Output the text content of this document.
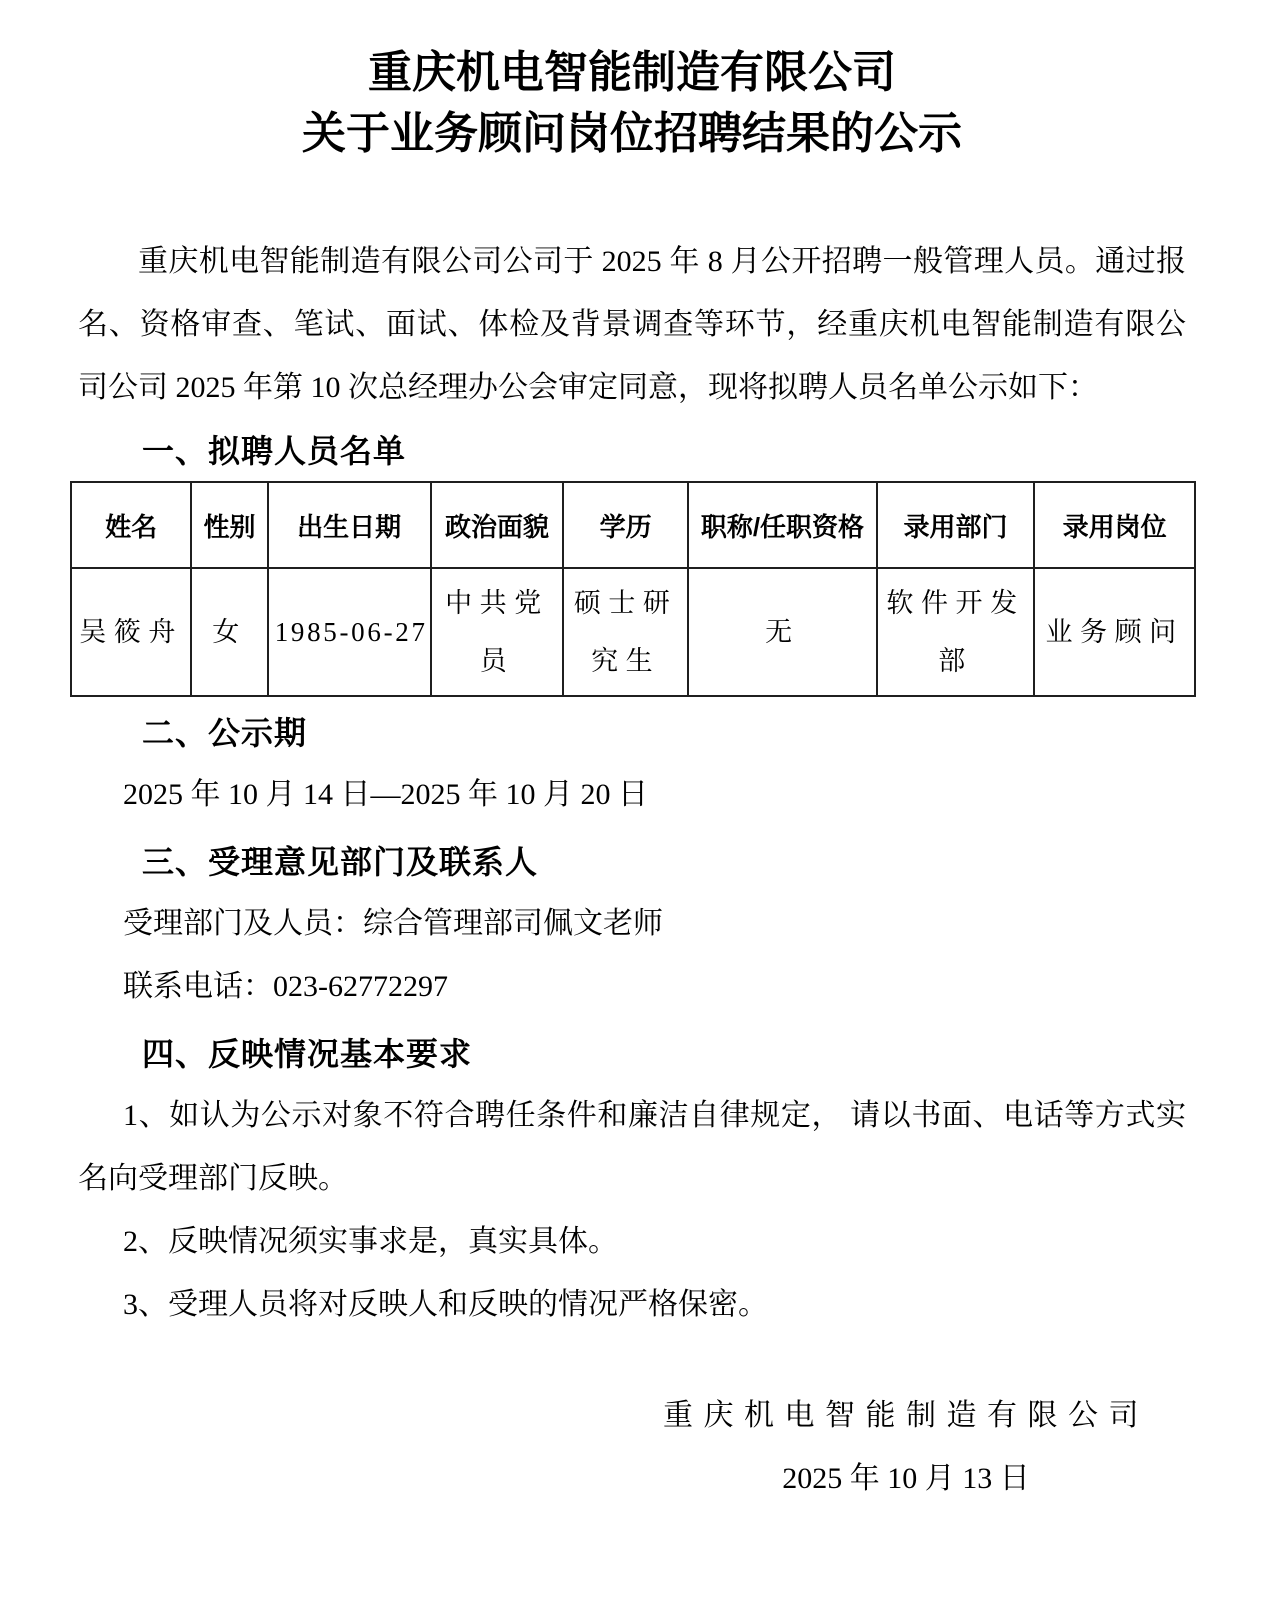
重庆机电智能制造有限公司
关于业务顾问岗位招聘结果的公示

重庆机电智能制造有限公司公司于 2025 年 8 月公开招聘一般管理人员。通过报名、资格审查、笔试、面试、体检及背景调查等环节，经重庆机电智能制造有限公司公司 2025 年第 10 次总经理办公会审定同意，现将拟聘人员名单公示如下：

一、拟聘人员名单
姓名	性别	出生日期	政治面貌	学历	职称/任职资格	录用部门	录用岗位
吴筱舟	女	1985-06-27	中共党员	硕士研究生	无	软件开发部	业务顾问
二、公示期

2025 年 10 月 14 日—2025 年 10 月 20 日

三、受理意见部门及联系人

受理部门及人员：综合管理部司佩文老师

联系电话：023-62772297

四、反映情况基本要求

1、如认为公示对象不符合聘任条件和廉洁自律规定， 请以书面、电话等方式实名向受理部门反映。

2、反映情况须实事求是，真实具体。

3、受理人员将对反映人和反映的情况严格保密。

重庆机电智能制造有限公司

2025 年 10 月 13 日
